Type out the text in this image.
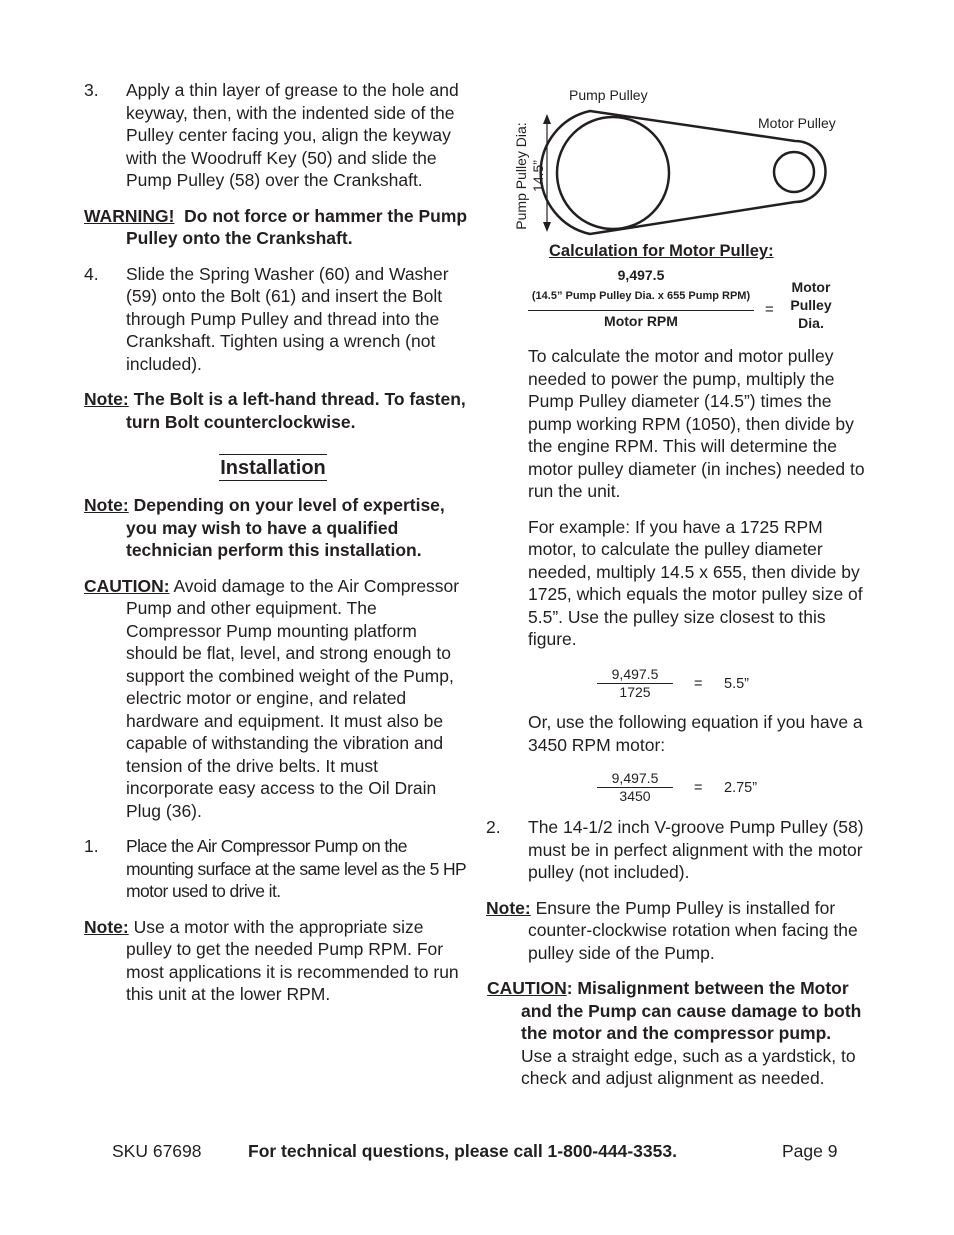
3. Apply a thin layer of grease to the hole and keyway, then, with the indented side of the Pulley center facing you, align the keyway with the Woodruff Key (50) and slide the Pump Pulley (58) over the Crankshaft.

WARNING! Do not force or hammer the Pump Pulley onto the Crankshaft.

4. Slide the Spring Washer (60) and Washer (59) onto the Bolt (61) and insert the Bolt through Pump Pulley and thread into the Crankshaft. Tighten using a wrench (not included).

Note: The Bolt is a left-hand thread. To fasten, turn Bolt counterclockwise.

Installation

Note: Depending on your level of expertise, you may wish to have a qualified technician perform this installation.

CAUTION: Avoid damage to the Air Compressor Pump and other equipment. The Compressor Pump mounting platform should be flat, level, and strong enough to support the combined weight of the Pump, electric motor or engine, and related hardware and equipment. It must also be capable of withstanding the vibration and tension of the drive belts. It must incorporate easy access to the Oil Drain Plug (36).

1. Place the Air Compressor Pump on the mounting surface at the same level as the 5 HP motor used to drive it.

Note: Use a motor with the appropriate size pulley to get the needed Pump RPM. For most applications it is recommended to run this unit at the lower RPM.

Pump Pulley
Motor Pulley
Pump Pulley Dia: 14.5”
Calculation for Motor Pulley:
9,497.5
(14.5” Pump Pulley Dia. x 655 Pump RPM)
Motor RPM
=
Motor
Pulley
Dia.

To calculate the motor and motor pulley needed to power the pump, multiply the Pump Pulley diameter (14.5”) times the pump working RPM (1050), then divide by the engine RPM. This will determine the motor pulley diameter (in inches) needed to run the unit.

For example: If you have a 1725 RPM motor, to calculate the pulley diameter needed, multiply 14.5 x 655, then divide by 1725, which equals the motor pulley size of 5.5”. Use the pulley size closest to this figure.

$\frac{9,497.5}{1725} = 5.5$”

Or, use the following equation if you have a 3450 RPM motor:

$\frac{9,497.5}{3450} = 2.75$”

2. The 14-1/2 inch V-groove Pump Pulley (58) must be in perfect alignment with the motor pulley (not included).

Note: Ensure the Pump Pulley is installed for counter-clockwise rotation when facing the pulley side of the Pump.

CAUTION: Misalignment between the Motor and the Pump can cause damage to both the motor and the compressor pump.  Use a straight edge, such as a yardstick, to check and adjust alignment as needed.

SKU 67698	For technical questions, please call 1-800-444-3353.	Page 9
